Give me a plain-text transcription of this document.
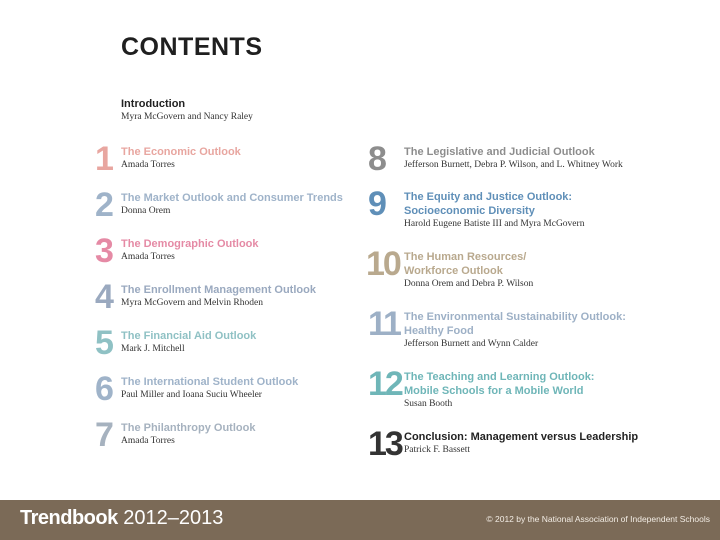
CONTENTS
Introduction
Myra McGovern and Nancy Raley
1 The Economic Outlook
Amada Torres
2 The Market Outlook and Consumer Trends
Donna Orem
3 The Demographic Outlook
Amada Torres
4 The Enrollment Management Outlook
Myra McGovern and Melvin Rhoden
5 The Financial Aid Outlook
Mark J. Mitchell
6 The International Student Outlook
Paul Miller and Ioana Suciu Wheeler
7 The Philanthropy Outlook
Amada Torres
8 The Legislative and Judicial Outlook
Jefferson Burnett, Debra P. Wilson, and L. Whitney Work
9 The Equity and Justice Outlook:
Socioeconomic Diversity
Harold Eugene Batiste III and Myra McGovern
10 The Human Resources/
Workforce Outlook
Donna Orem and Debra P. Wilson
11 The Environmental Sustainability Outlook:
Healthy Food
Jefferson Burnett and Wynn Calder
12 The Teaching and Learning Outlook:
Mobile Schools for a Mobile World
Susan Booth
13 Conclusion: Management versus Leadership
Patrick F. Bassett
Trendbook 2012–2013	© 2012 by the National Association of Independent Schools
